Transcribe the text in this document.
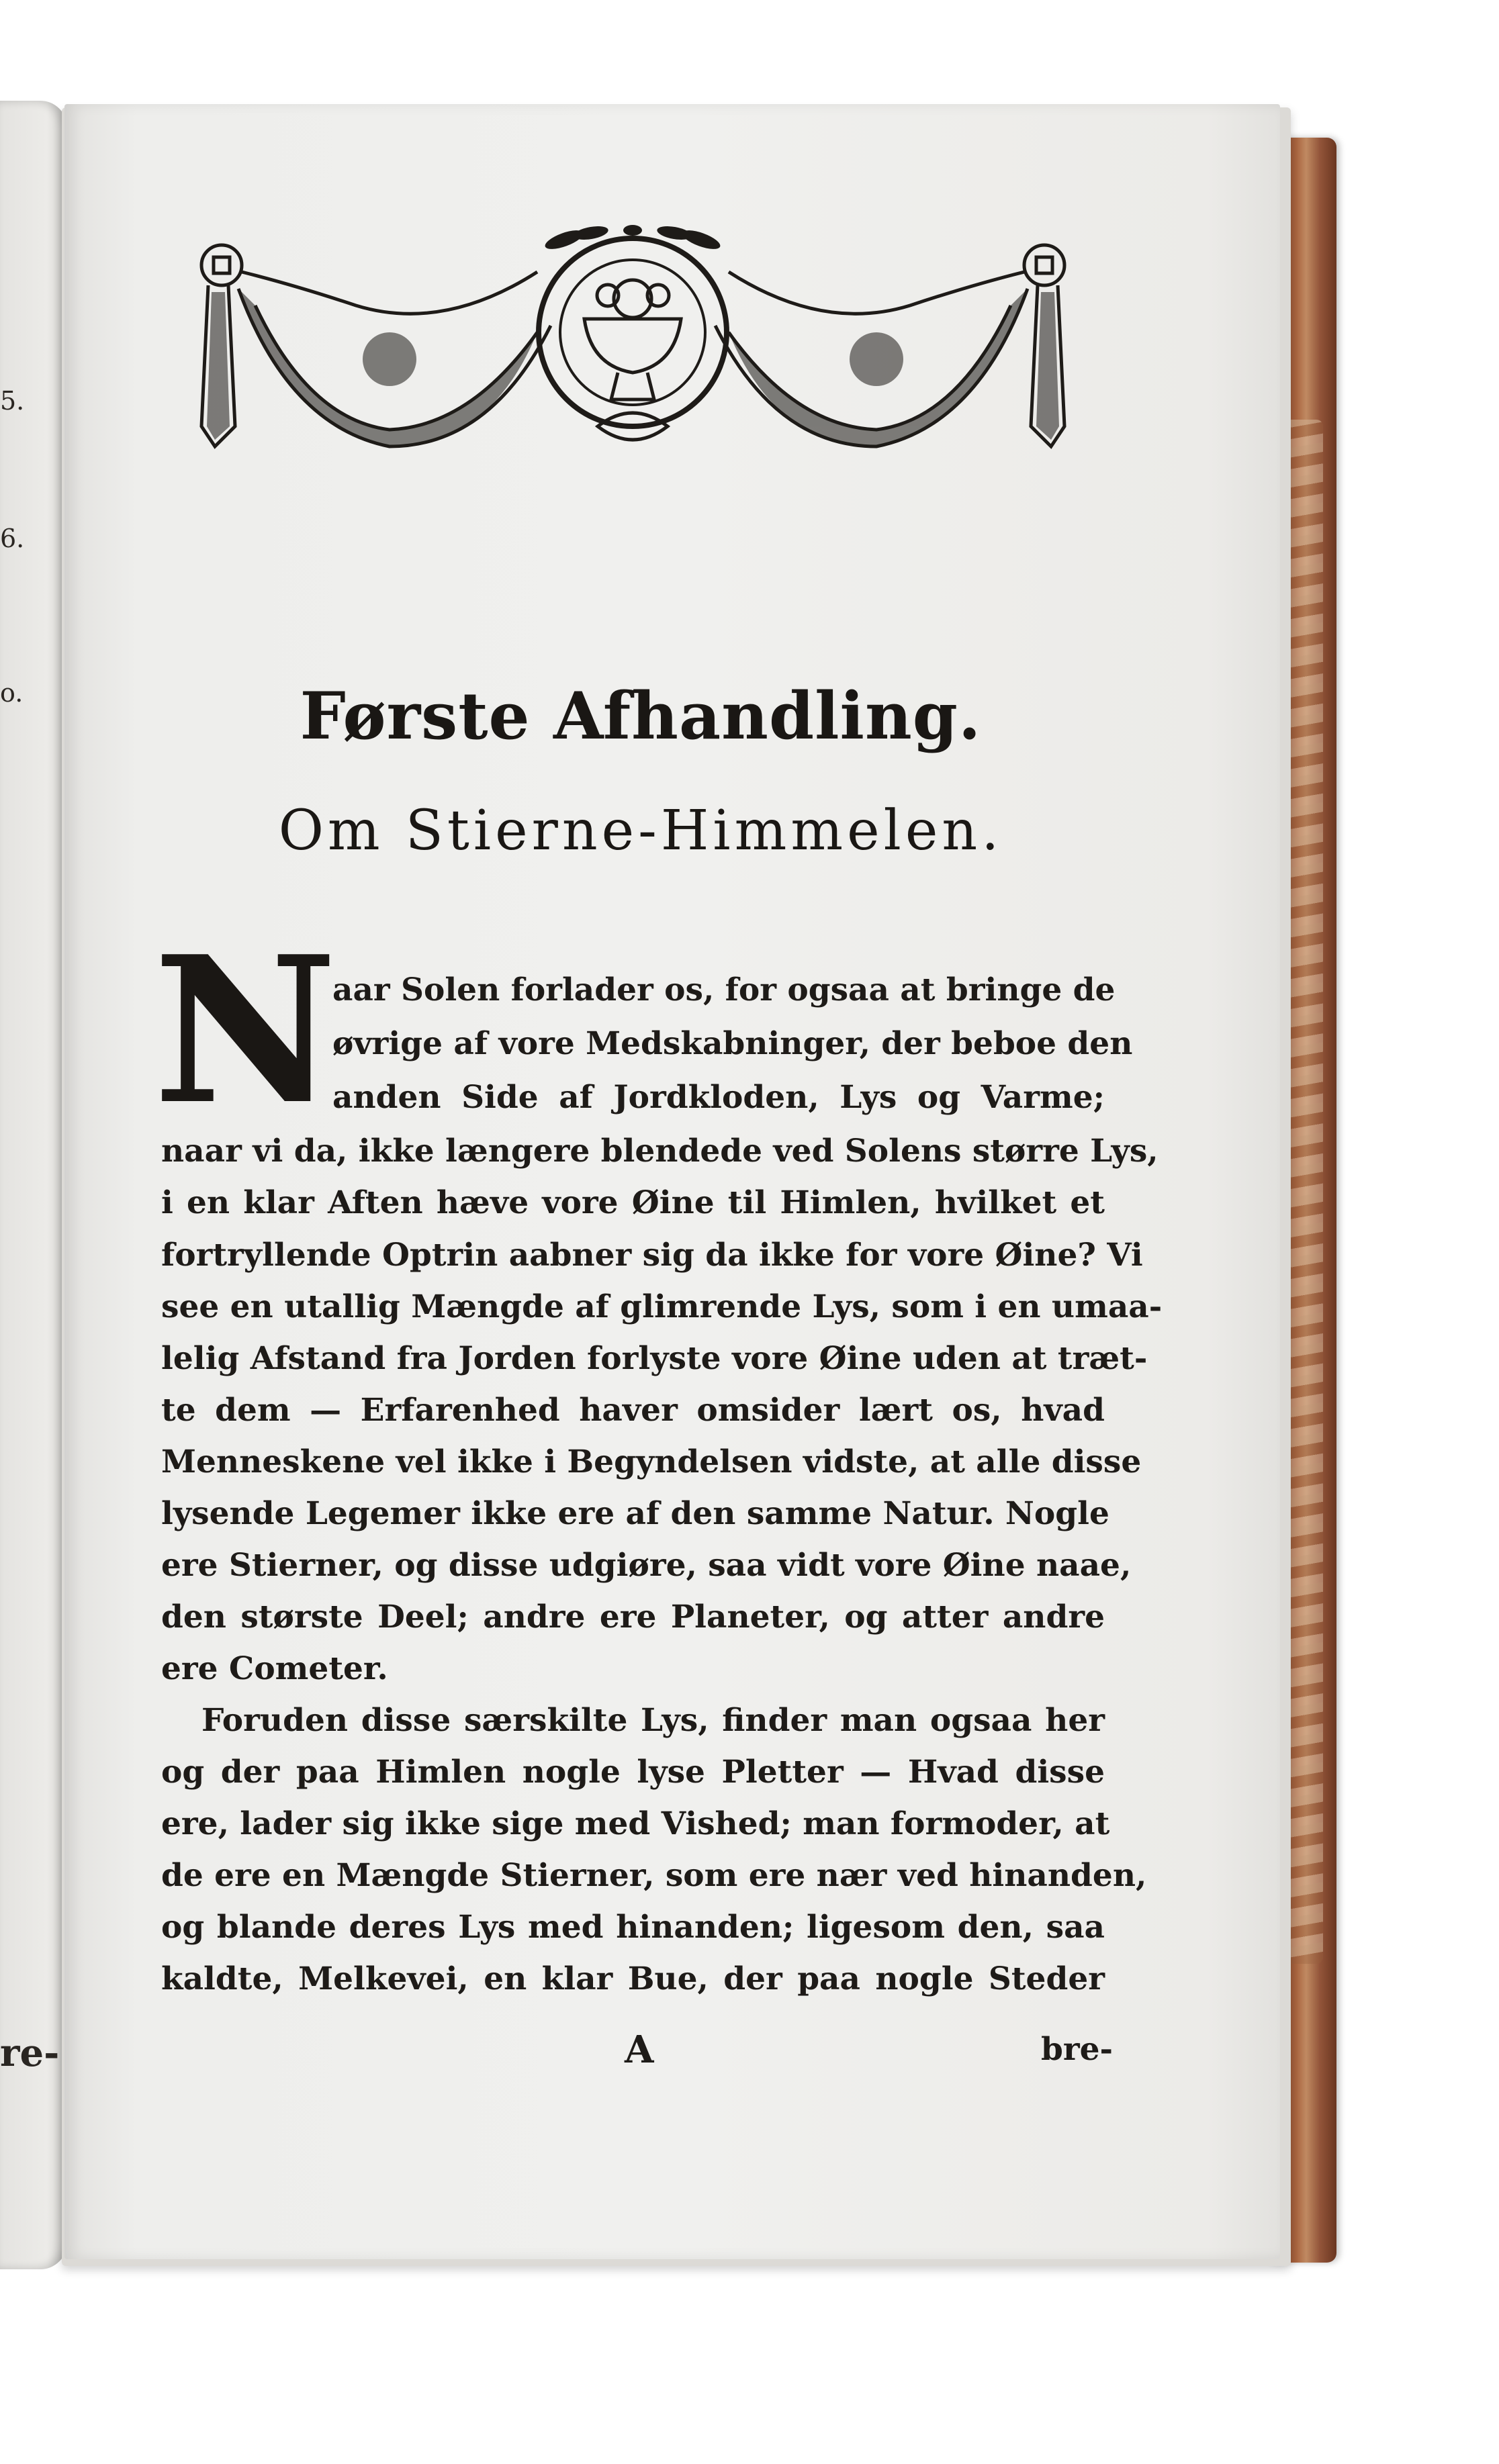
5.
6.
o.
re-
Første Afhandling.
Om Stierne-Himmelen.
N
aar Solen forlader os, for ogsaa at bringe de
øvrige af vore Medskabninger, der beboe den
anden Side af Jordkloden, Lys og Varme;
naar vi da, ikke længere blendede ved Solens større Lys,
i en klar Aften hæve vore Øine til Himlen, hvilket et
fortryllende Optrin aabner sig da ikke for vore Øine? Vi
see en utallig Mængde af glimrende Lys, som i en umaa-
lelig Afstand fra Jorden forlyste vore Øine uden at træt-
te dem — Erfarenhed haver omsider lært os, hvad
Menneskene vel ikke i Begyndelsen vidste, at alle disse
lysende Legemer ikke ere af den samme Natur. Nogle
ere Stierner, og disse udgiøre, saa vidt vore Øine naae,
den største Deel; andre ere Planeter, og atter andre
ere Cometer.
Foruden disse særskilte Lys, finder man ogsaa her
og der paa Himlen nogle lyse Pletter — Hvad disse
ere, lader sig ikke sige med Vished; man formoder, at
de ere en Mængde Stierner, som ere nær ved hinanden,
og blande deres Lys med hinanden; ligesom den, saa
kaldte, Melkevei, en klar Bue, der paa nogle Steder
A	bre-
